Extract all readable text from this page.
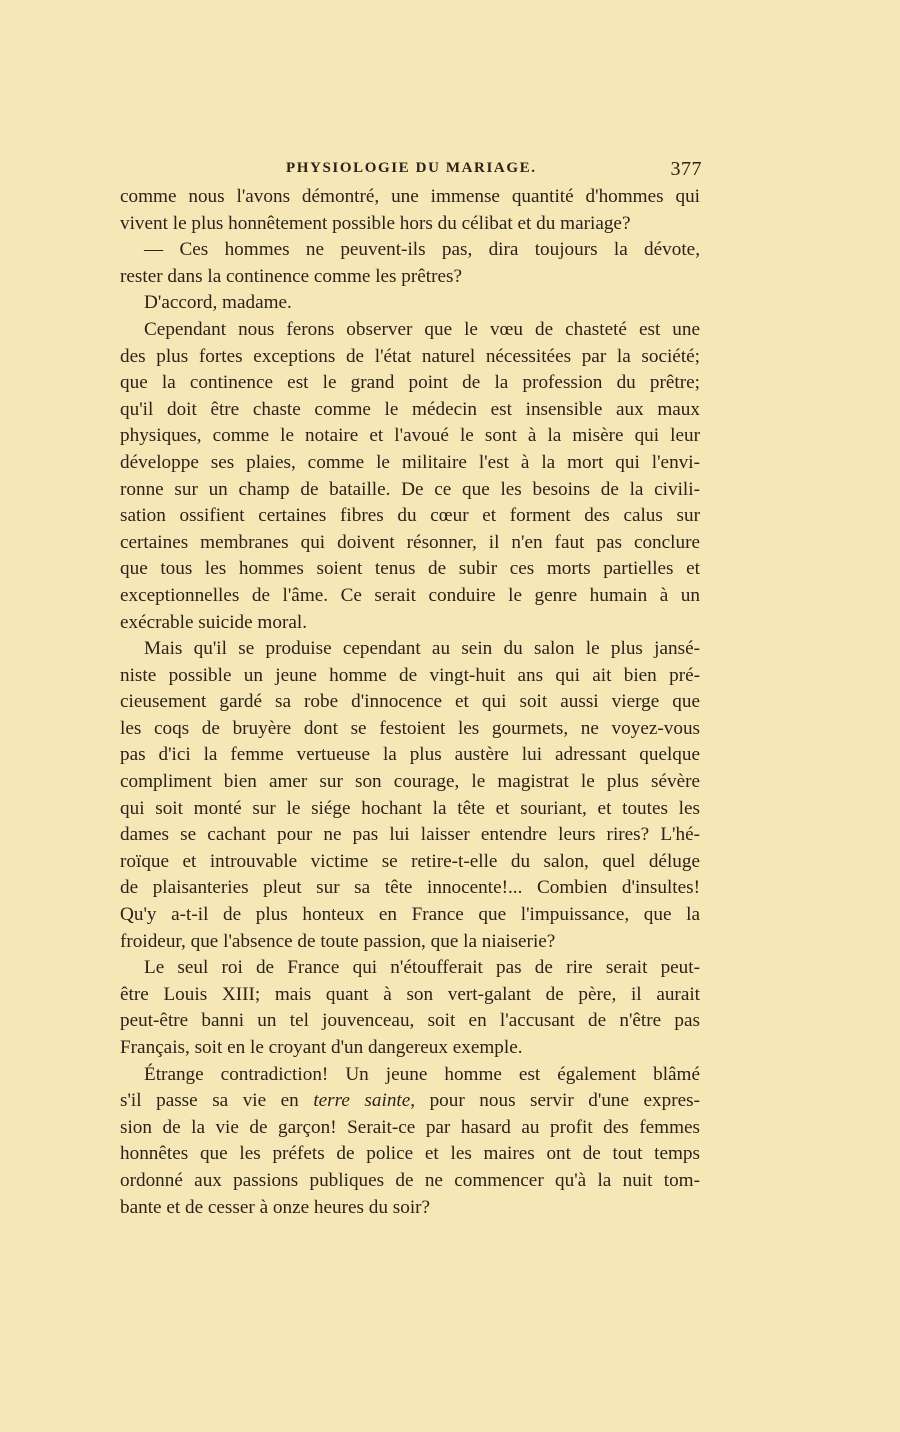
PHYSIOLOGIE DU MARIAGE.	377
comme nous l'avons démontré, une immense quantité d'hommes qui
vivent le plus honnêtement possible hors du célibat et du mariage?
— Ces hommes ne peuvent-ils pas, dira toujours la dévote,
rester dans la continence comme les prêtres?
D'accord, madame.
Cependant nous ferons observer que le vœu de chasteté est une
des plus fortes exceptions de l'état naturel nécessitées par la société;
que la continence est le grand point de la profession du prêtre;
qu'il doit être chaste comme le médecin est insensible aux maux
physiques, comme le notaire et l'avoué le sont à la misère qui leur
développe ses plaies, comme le militaire l'est à la mort qui l'envi-
ronne sur un champ de bataille. De ce que les besoins de la civili-
sation ossifient certaines fibres du cœur et forment des calus sur
certaines membranes qui doivent résonner, il n'en faut pas conclure
que tous les hommes soient tenus de subir ces morts partielles et
exceptionnelles de l'âme. Ce serait conduire le genre humain à un
exécrable suicide moral.
Mais qu'il se produise cependant au sein du salon le plus jansé-
niste possible un jeune homme de vingt-huit ans qui ait bien pré-
cieusement gardé sa robe d'innocence et qui soit aussi vierge que
les coqs de bruyère dont se festoient les gourmets, ne voyez-vous
pas d'ici la femme vertueuse la plus austère lui adressant quelque
compliment bien amer sur son courage, le magistrat le plus sévère
qui soit monté sur le siége hochant la tête et souriant, et toutes les
dames se cachant pour ne pas lui laisser entendre leurs rires? L'hé-
roïque et introuvable victime se retire-t-elle du salon, quel déluge
de plaisanteries pleut sur sa tête innocente!... Combien d'insultes!
Qu'y a-t-il de plus honteux en France que l'impuissance, que la
froideur, que l'absence de toute passion, que la niaiserie?
Le seul roi de France qui n'étoufferait pas de rire serait peut-
être Louis XIII; mais quant à son vert-galant de père, il aurait
peut-être banni un tel jouvenceau, soit en l'accusant de n'être pas
Français, soit en le croyant d'un dangereux exemple.
Étrange contradiction! Un jeune homme est également blâmé
s'il passe sa vie en terre sainte, pour nous servir d'une expres-
sion de la vie de garçon! Serait-ce par hasard au profit des femmes
honnêtes que les préfets de police et les maires ont de tout temps
ordonné aux passions publiques de ne commencer qu'à la nuit tom-
bante et de cesser à onze heures du soir?
